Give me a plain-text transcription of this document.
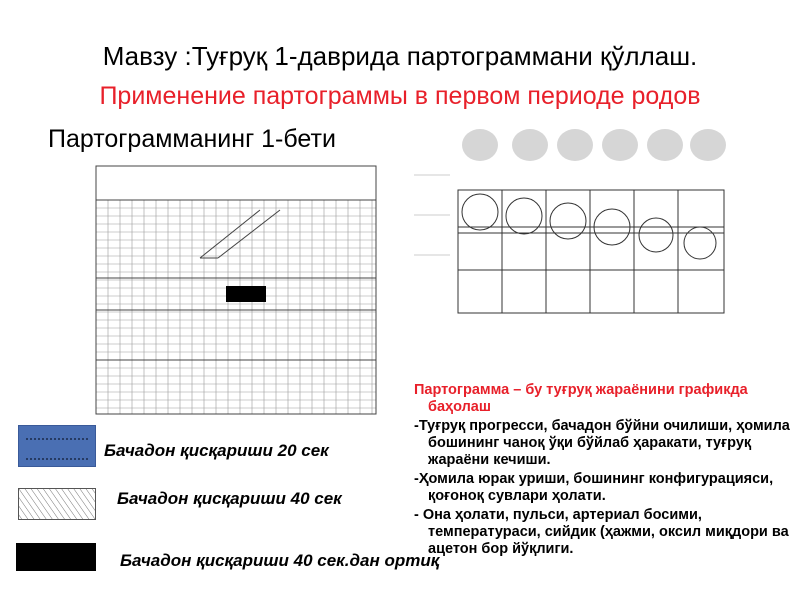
Мавзу :Туғруқ 1-даврида партограммани қўллаш.
Применение партограммы в первом периоде родов
Партограмманинг 1-бети

Партограмма – бу туғруқ жараёнини графикда баҳолаш

-Туғруқ прогресси, бачадон бўйни очилиши, ҳомила бошининг чаноқ ўқи бўйлаб ҳаракати, туғруқ жараёни кечиши.

-Ҳомила юрак уриши, бошининг конфигурацияси, қоғоноқ сувлари ҳолати.

- Она ҳолати, пульси, артериал босими, температураси, сийдик (ҳажми, оксил миқдори ва ацетон бор йўқлиги.

Бачадон қисқариши 20 сек
Бачадон қисқариши 40 сек
Бачадон қисқариши 40 сек.дан ортиқ
